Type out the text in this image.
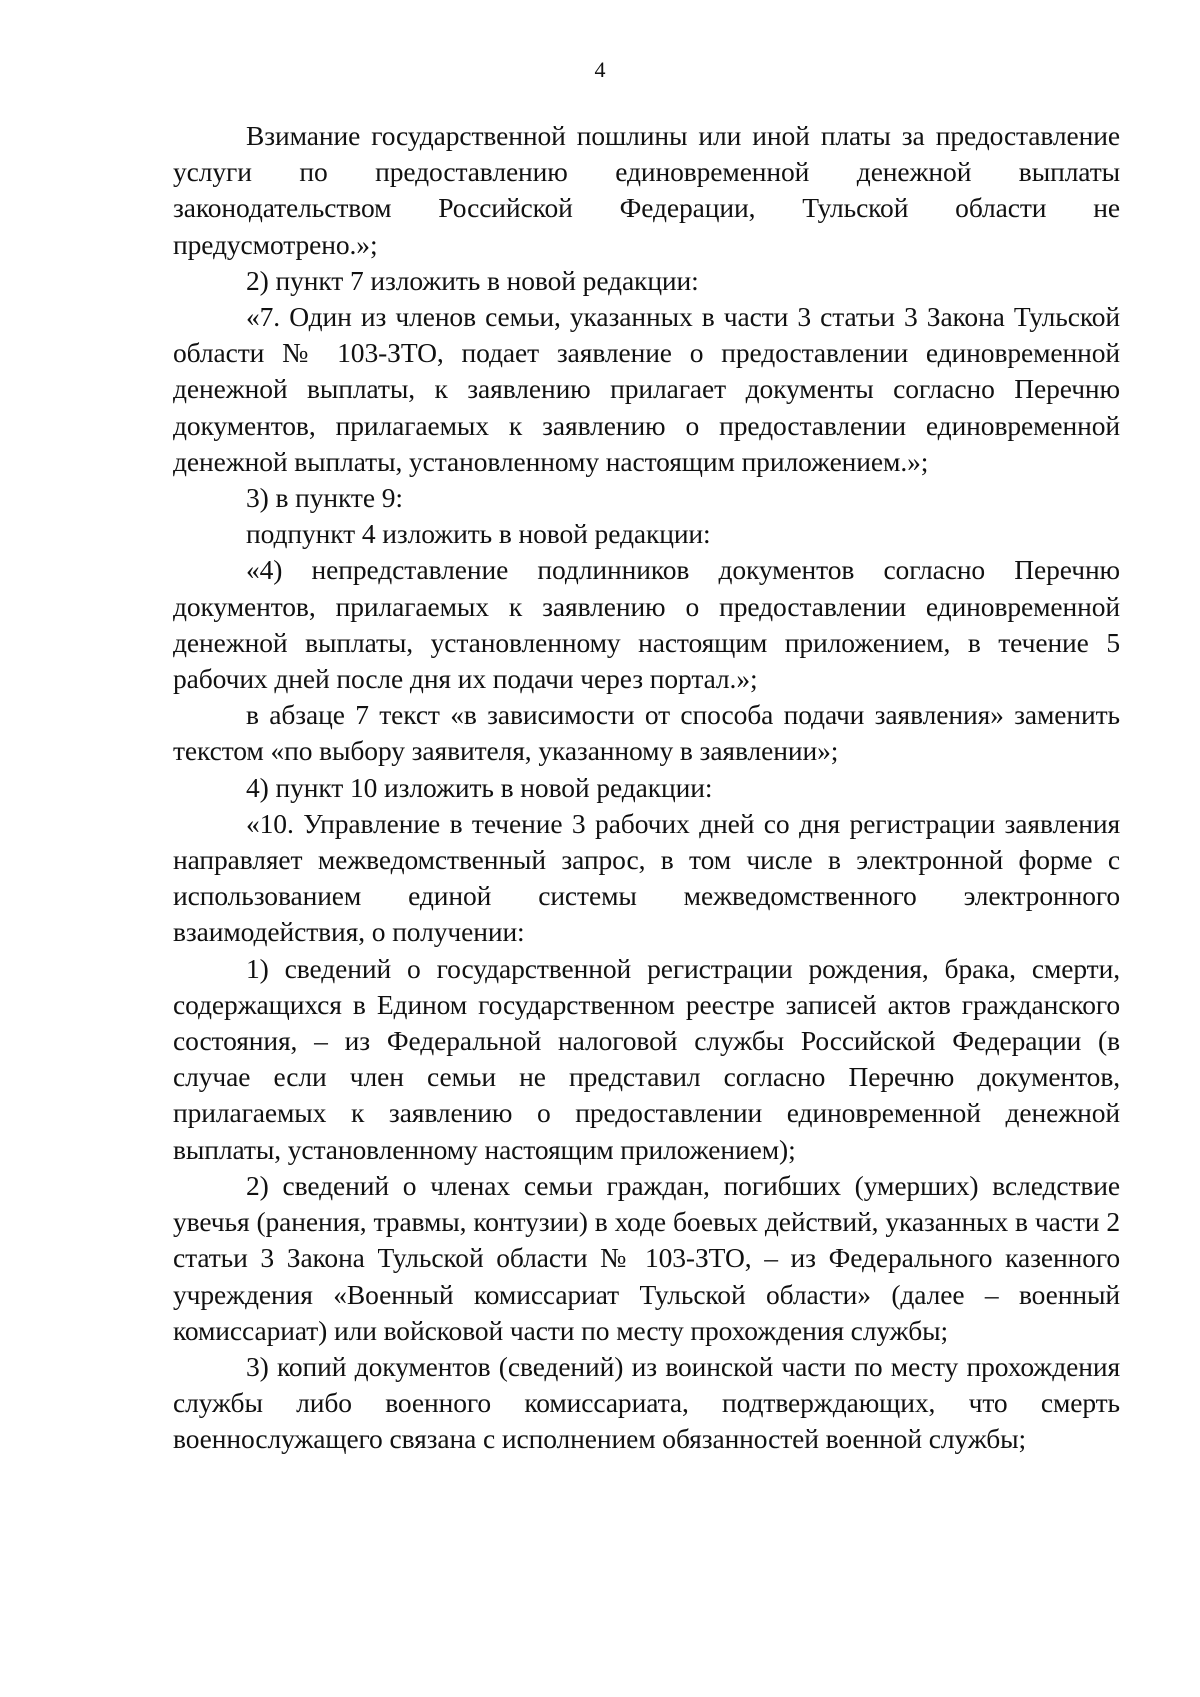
4

Взимание государственной пошлины или иной платы за предоставление услуги по предоставлению единовременной денежной выплаты законодательством Российской Федерации, Тульской области не предусмотрено.»;

2) пункт 7 изложить в новой редакции:

«7. Один из членов семьи, указанных в части 3 статьи 3 Закона Тульской области № 103-ЗТО, подает заявление о предоставлении единовременной денежной выплаты, к заявлению прилагает документы согласно Перечню документов, прилагаемых к заявлению о предоставлении единовременной денежной выплаты, установленному настоящим приложением.»;

3) в пункте 9:

подпункт 4 изложить в новой редакции:

«4) непредставление подлинников документов согласно Перечню документов, прилагаемых к заявлению о предоставлении единовременной денежной выплаты, установленному настоящим приложением, в течение 5 рабочих дней после дня их подачи через портал.»;

в абзаце 7 текст «в зависимости от способа подачи заявления» заменить текстом «по выбору заявителя, указанному в заявлении»;

4) пункт 10 изложить в новой редакции:

«10. Управление в течение 3 рабочих дней со дня регистрации заявления направляет межведомственный запрос, в том числе в электронной форме с использованием единой системы межведомственного электронного взаимодействия, о получении:

1) сведений о государственной регистрации рождения, брака, смерти, содержащихся в Едином государственном реестре записей актов гражданского состояния, – из Федеральной налоговой службы Российской Федерации (в случае если член семьи не представил согласно Перечню документов, прилагаемых к заявлению о предоставлении единовременной денежной выплаты, установленному настоящим приложением);

2) сведений о членах семьи граждан, погибших (умерших) вследствие увечья (ранения, травмы, контузии) в ходе боевых действий, указанных в части 2 статьи 3 Закона Тульской области № 103-ЗТО, – из Федерального казенного учреждения «Военный комиссариат Тульской области» (далее – военный комиссариат) или войсковой части по месту прохождения службы;

3) копий документов (сведений) из воинской части по месту прохождения службы либо военного комиссариата, подтверждающих, что смерть военнослужащего связана с исполнением обязанностей военной службы;
